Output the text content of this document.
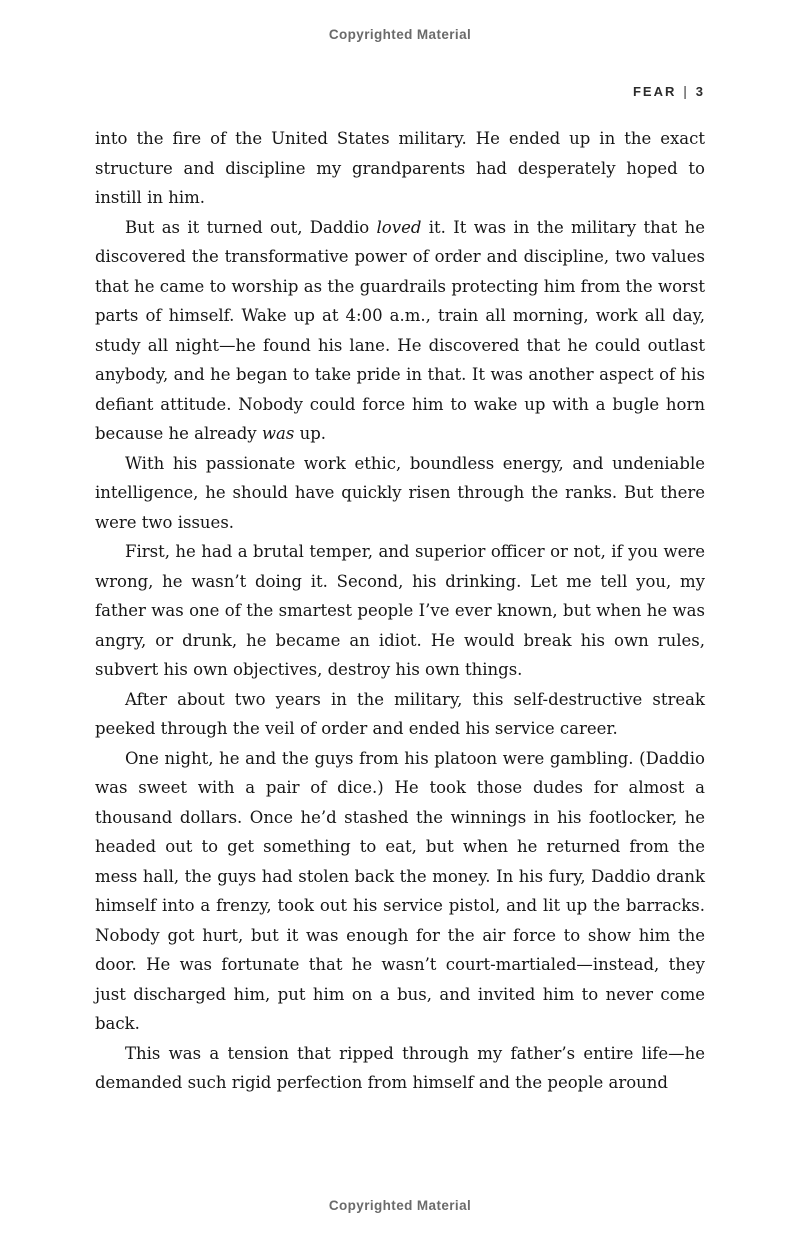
Copyrighted Material
FEAR | 3

into the fire of the United States military. He ended up in the exact structure and discipline my grandparents had desperately hoped to instill in him.

But as it turned out, Daddio loved it. It was in the military that he discovered the transformative power of order and discipline, two values that he came to worship as the guardrails protecting him from the worst parts of himself. Wake up at 4:00 a.m., train all morning, work all day, study all night—he found his lane. He discovered that he could outlast anybody, and he began to take pride in that. It was another aspect of his defiant attitude. Nobody could force him to wake up with a bugle horn because he already was up.

With his passionate work ethic, boundless energy, and undeniable intelligence, he should have quickly risen through the ranks. But there were two issues.

First, he had a brutal temper, and superior officer or not, if you were wrong, he wasn’t doing it. Second, his drinking. Let me tell you, my father was one of the smartest people I’ve ever known, but when he was angry, or drunk, he became an idiot. He would break his own rules, subvert his own objectives, destroy his own things.

After about two years in the military, this self-destructive streak peeked through the veil of order and ended his service career.

One night, he and the guys from his platoon were gambling. (Daddio was sweet with a pair of dice.) He took those dudes for almost a thousand dollars. Once he’d stashed the winnings in his footlocker, he headed out to get something to eat, but when he returned from the mess hall, the guys had stolen back the money. In his fury, Daddio drank himself into a frenzy, took out his service pistol, and lit up the barracks. Nobody got hurt, but it was enough for the air force to show him the door. He was fortunate that he wasn’t court-martialed—instead, they just discharged him, put him on a bus, and invited him to never come back.

This was a tension that ripped through my father’s entire life—he demanded such rigid perfection from himself and the people around

Copyrighted Material
